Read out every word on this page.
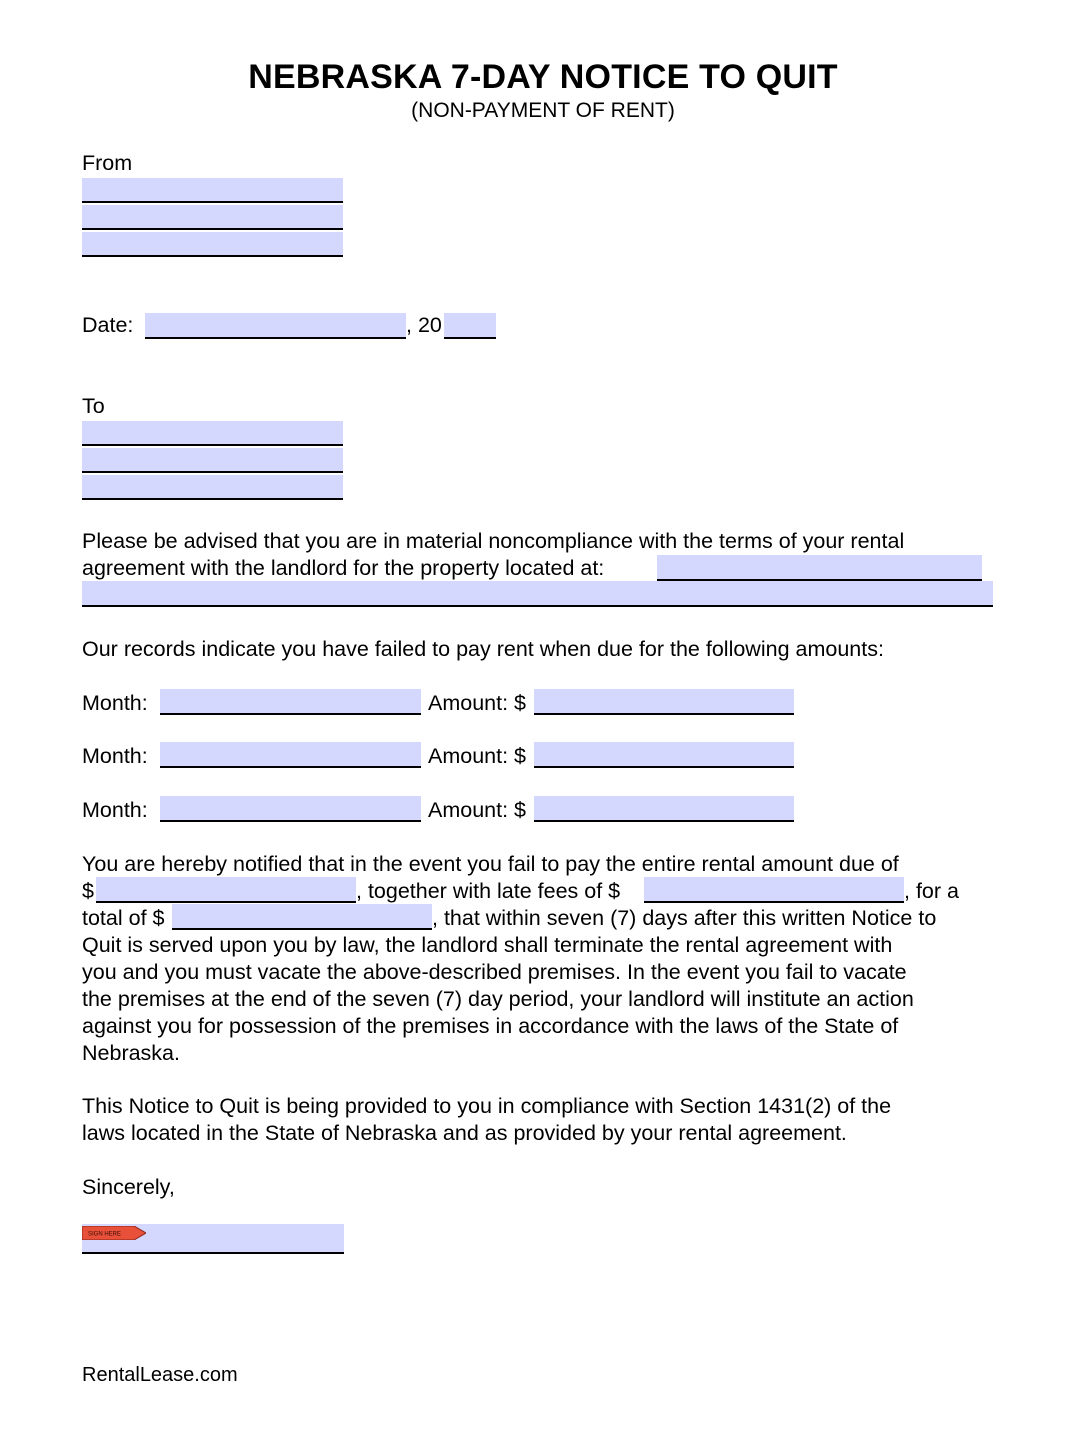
NEBRASKA 7-DAY NOTICE TO QUIT
(NON-PAYMENT OF RENT)
From
Date:	, 20
To
Please be advised that you are in material noncompliance with the terms of your rental
agreement with the landlord for the property located at:
Our records indicate you have failed to pay rent when due for the following amounts:
Month:	Amount: $
Month:	Amount: $
Month:	Amount: $
You are hereby notified that in the event you fail to pay the entire rental amount due of
$	, together with late fees of $	, for a
total of $	, that within seven (7) days after this written Notice to
Quit is served upon you by law, the landlord shall terminate the rental agreement with
you and you must vacate the above-described premises. In the event you fail to vacate
the premises at the end of the seven (7) day period, your landlord will institute an action
against you for possession of the premises in accordance with the laws of the State of
Nebraska.
This Notice to Quit is being provided to you in compliance with Section 1431(2) of the
laws located in the State of Nebraska and as provided by your rental agreement.
Sincerely,
SIGN HERE
RentalLease.com
